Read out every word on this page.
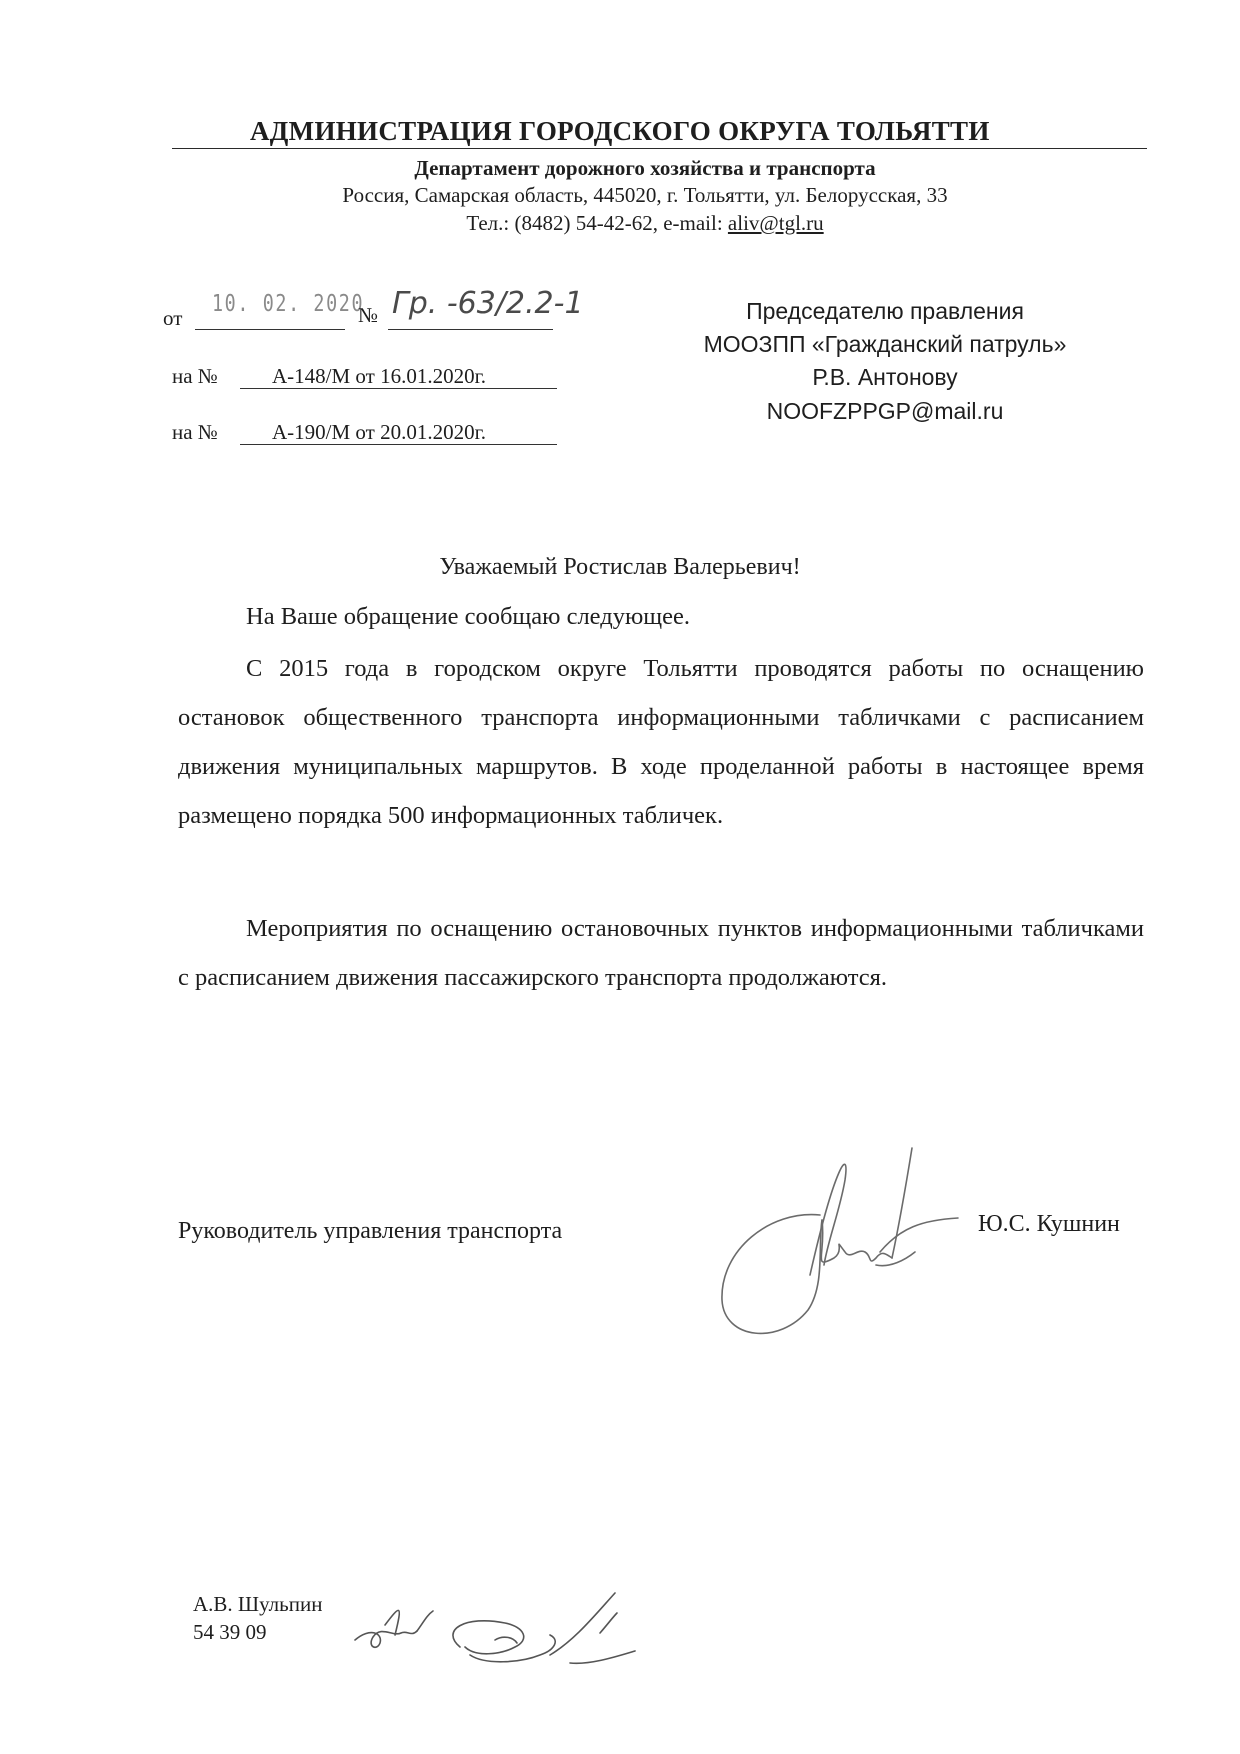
АДМИНИСТРАЦИЯ ГОРОДСКОГО ОКРУГА ТОЛЬЯТТИ
Департамент дорожного хозяйства и транспорта
Россия, Самарская область, 445020, г. Тольятти, ул. Белорусская, 33
Тел.: (8482) 54-42-62, e-mail: aliv@tgl.ru
от
10. 02. 2020
№ Гр. -63/2.2-1
на №	А-148/М от 16.01.2020г.
на №	А-190/М от 20.01.2020г.
Председателю правления
МООЗПП «Гражданский патруль»
Р.В. Антонову
NOOFZPPGP@mail.ru
Уважаемый Ростислав Валерьевич!
На Ваше обращение сообщаю следующее.
С 2015 года в городском округе Тольятти проводятся работы по оснащению остановок общественного транспорта информационными табличками с расписанием движения муниципальных маршрутов. В ходе проделанной работы в настоящее время размещено порядка 500 информационных табличек.
Мероприятия по оснащению остановочных пунктов информационными табличками с расписанием движения пассажирского транспорта продолжаются.
Руководитель управления транспорта	Ю.С. Кушнин
А.В. Шульпин
54 39 09
